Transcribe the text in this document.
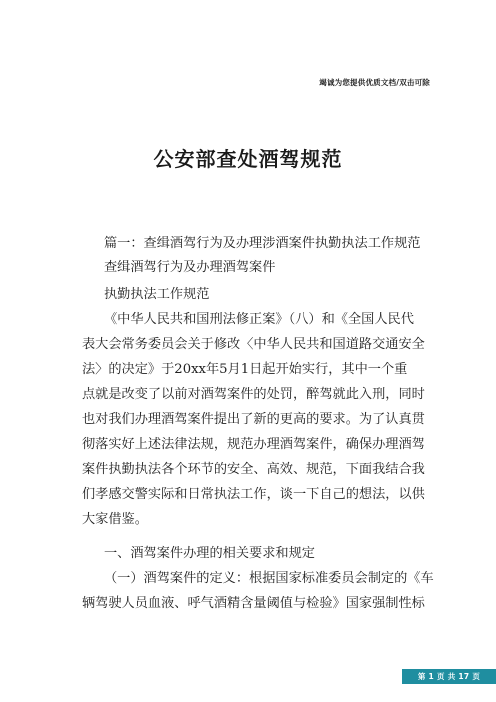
竭诚为您提供优质文档/双击可除
公安部查处酒驾规范
篇一：查缉酒驾行为及办理涉酒案件执勤执法工作规范
查缉酒驾行为及办理酒驾案件
执勤执法工作规范
《中华人民共和国刑法修正案》（八）和《全国人民代
表大会常务委员会关于修改〈中华人民共和国道路交通安全
法〉的决定》于20xx年5月1日起开始实行，其中一个重
点就是改变了以前对酒驾案件的处罚，醉驾就此入刑，同时
也对我们办理酒驾案件提出了新的更高的要求。为了认真贯
彻落实好上述法律法规，规范办理酒驾案件，确保办理酒驾
案件执勤执法各个环节的安全、高效、规范，下面我结合我
们孝感交警实际和日常执法工作，谈一下自己的想法，以供
大家借鉴。
一、酒驾案件办理的相关要求和规定
（一）酒驾案件的定义：根据国家标准委员会制定的《车
辆驾驶人员血液、呼气酒精含量阈值与检验》国家强制性标
第 1 页 共 17 页
